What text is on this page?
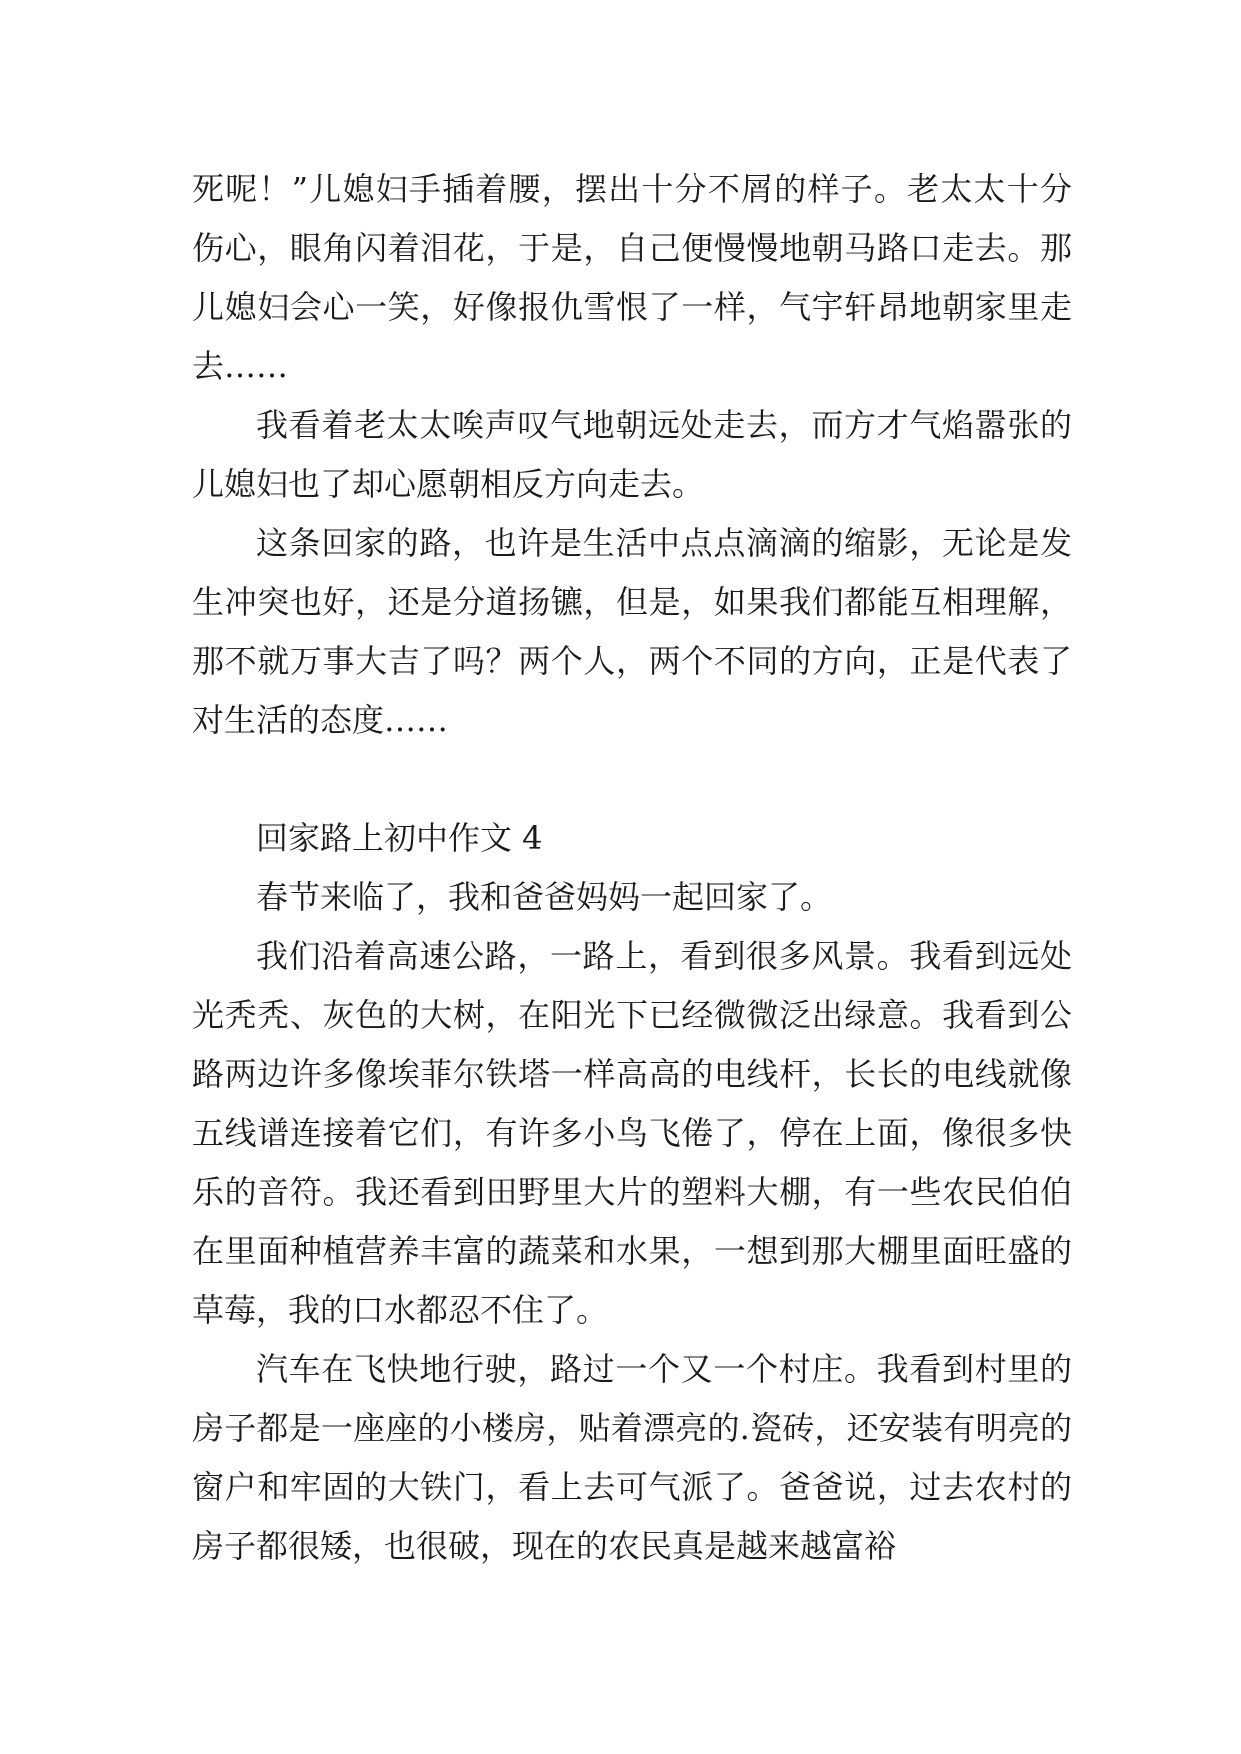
死呢！”儿媳妇手插着腰，摆出十分不屑的样子。老太太十分伤心，眼角闪着泪花，于是，自己便慢慢地朝马路口走去。那儿媳妇会心一笑，好像报仇雪恨了一样，气宇轩昂地朝家里走去……

我看着老太太唉声叹气地朝远处走去，而方才气焰嚣张的儿媳妇也了却心愿朝相反方向走去。

这条回家的路，也许是生活中点点滴滴的缩影，无论是发生冲突也好，还是分道扬镳，但是，如果我们都能互相理解，那不就万事大吉了吗？两个人，两个不同的方向，正是代表了对生活的态度……

回家路上初中作文 4

春节来临了，我和爸爸妈妈一起回家了。

我们沿着高速公路，一路上，看到很多风景。我看到远处光秃秃、灰色的大树，在阳光下已经微微泛出绿意。我看到公路两边许多像埃菲尔铁塔一样高高的电线杆，长长的电线就像五线谱连接着它们，有许多小鸟飞倦了，停在上面，像很多快乐的音符。我还看到田野里大片的塑料大棚，有一些农民伯伯在里面种植营养丰富的蔬菜和水果，一想到那大棚里面旺盛的草莓，我的口水都忍不住了。

汽车在飞快地行驶，路过一个又一个村庄。我看到村里的房子都是一座座的小楼房，贴着漂亮的.瓷砖，还安装有明亮的窗户和牢固的大铁门，看上去可气派了。爸爸说，过去农村的房子都很矮，也很破，现在的农民真是越来越富裕
